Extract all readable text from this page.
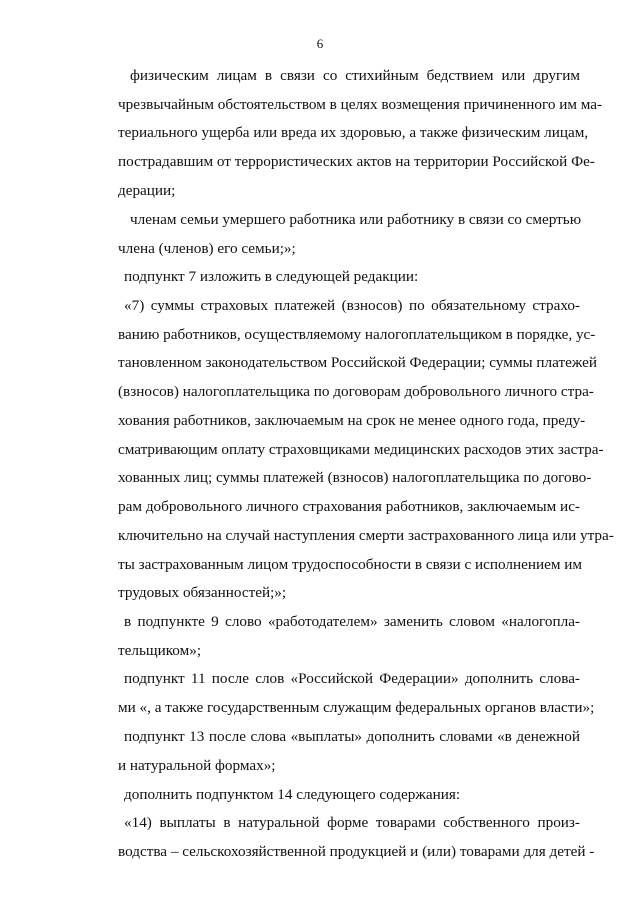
6
физическим лицам в связи со стихийным бедствием или другим
чрезвычайным обстоятельством в целях возмещения причиненного им ма-
териального ущерба или вреда их здоровью, а также физическим лицам,
пострадавшим от террористических актов на территории Российской Фе-
дерации;
членам семьи умершего работника или работнику в связи со смертью
члена (членов) его семьи;»;
подпункт 7 изложить в следующей редакции:
«7) суммы страховых платежей (взносов) по обязательному страхо-
ванию работников, осуществляемому налогоплательщиком в порядке, ус-
тановленном законодательством Российской Федерации; суммы платежей
(взносов) налогоплательщика по договорам добровольного личного стра-
хования работников, заключаемым на срок не менее одного года, преду-
сматривающим оплату страховщиками медицинских расходов этих застра-
хованных лиц; суммы платежей (взносов) налогоплательщика по догово-
рам добровольного личного страхования работников, заключаемым ис-
ключительно на случай наступления смерти застрахованного лица или утра-
ты застрахованным лицом трудоспособности в связи с исполнением им
трудовых обязанностей;»;
в подпункте 9 слово «работодателем» заменить словом «налогопла-
тельщиком»;
подпункт 11 после слов «Российской Федерации» дополнить слова-
ми «, а также государственным служащим федеральных органов власти»;
подпункт 13 после слова «выплаты» дополнить словами «в денежной
и натуральной формах»;
дополнить подпунктом 14 следующего содержания:
«14) выплаты в натуральной форме товарами собственного произ-
водства – сельскохозяйственной продукцией и (или) товарами для детей -
